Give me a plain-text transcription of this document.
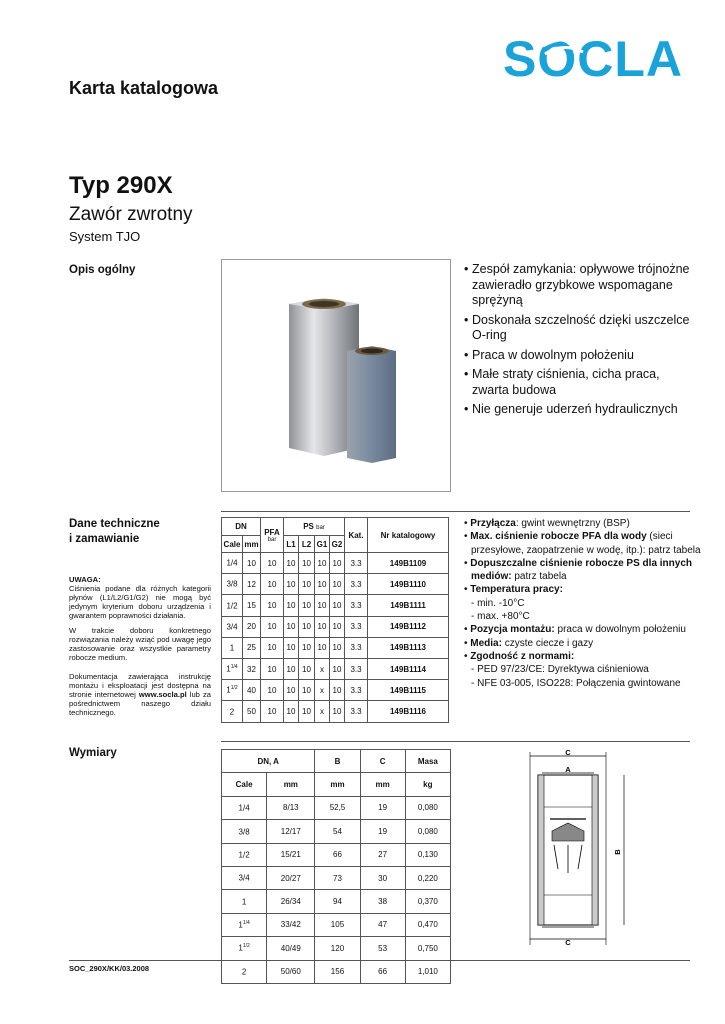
SOCLA
Karta katalogowa
Typ 290X
Zawór zwrotny
System TJO
Opis ogólny	• Zespół zamykania: opływowe trójnożne zawieradło grzybkowe wspomagane sprężyną
• Doskonała szczelność dzięki uszczelce O-ring
• Praca w dowolnym położeniu
• Małe straty ciśnienia, cicha praca, zwarta budowa
• Nie generuje uderzeń hydraulicznych
Dane techniczne
i zamawianie
DN		PFA
bar	PS bar				Kat.	Nr katalogowy
Cale	mm		L1	L2	G1	G2		
1/4	10	10	10	10	10	10	3.3	149B1109
3/8	12	10	10	10	10	10	3.3	149B1110
1/2	15	10	10	10	10	10	3.3	149B1111
3/4	20	10	10	10	10	10	3.3	149B1112
1	25	10	10	10	10	10	3.3	149B1113
$1^{1/4}$	32	10	10	10	x	10	3.3	149B1114
$1^{1/2}$	40	10	10	10	x	10	3.3	149B1115
2	50	10	10	10	x	10	3.3	149B1116

UWAGA:
Ciśnienia podane dla różnych kategorii płynów (L1/L2/G1/G2) nie mogą być jedynym kryterium doboru urządzenia i gwarantem poprawności działania.

W trakcie doboru konkretnego rozwiązania należy wziąć pod uwagę jego zastosowanie oraz wszystkie parametry robocze medium.

Dokumentacja zawierająca instrukcję montażu i eksploatacji jest dostępna na stronie internetowej www.socla.pl lub za pośrednictwem naszego działu technicznego.

• Przyłącza: gwint wewnętrzny (BSP)
• Max. ciśnienie robocze PFA dla wody (sieci
przesyłowe, zaopatrzenie w wodę, itp.): patrz tabela
• Dopuszczalne ciśnienie robocze PS dla innych
mediów: patrz tabela
• Temperatura pracy:
- min. -10°C
- max. +80°C
• Pozycja montażu: praca w dowolnym położeniu
• Media: czyste ciecze i gazy
• Zgodność z normami:
- PED 97/23/CE: Dyrektywa ciśnieniowa
- NFE 03-005, ISO228: Połączenia gwintowane
Wymiary
DN, A		B	C	Masa
Cale	mm	mm	mm	kg
1/4	8/13	52,5	19	0,080
3/8	12/17	54	19	0,080
1/2	15/21	66	27	0,130
3/4	20/27	73	30	0,220
1	26/34	94	38	0,370
$1^{1/4}$	33/42	105	47	0,470
$1^{1/2}$	40/49	120	53	0,750
2	50/60	156	66	1,010
C
A
C
B
SOC_290X/KK/03.2008
